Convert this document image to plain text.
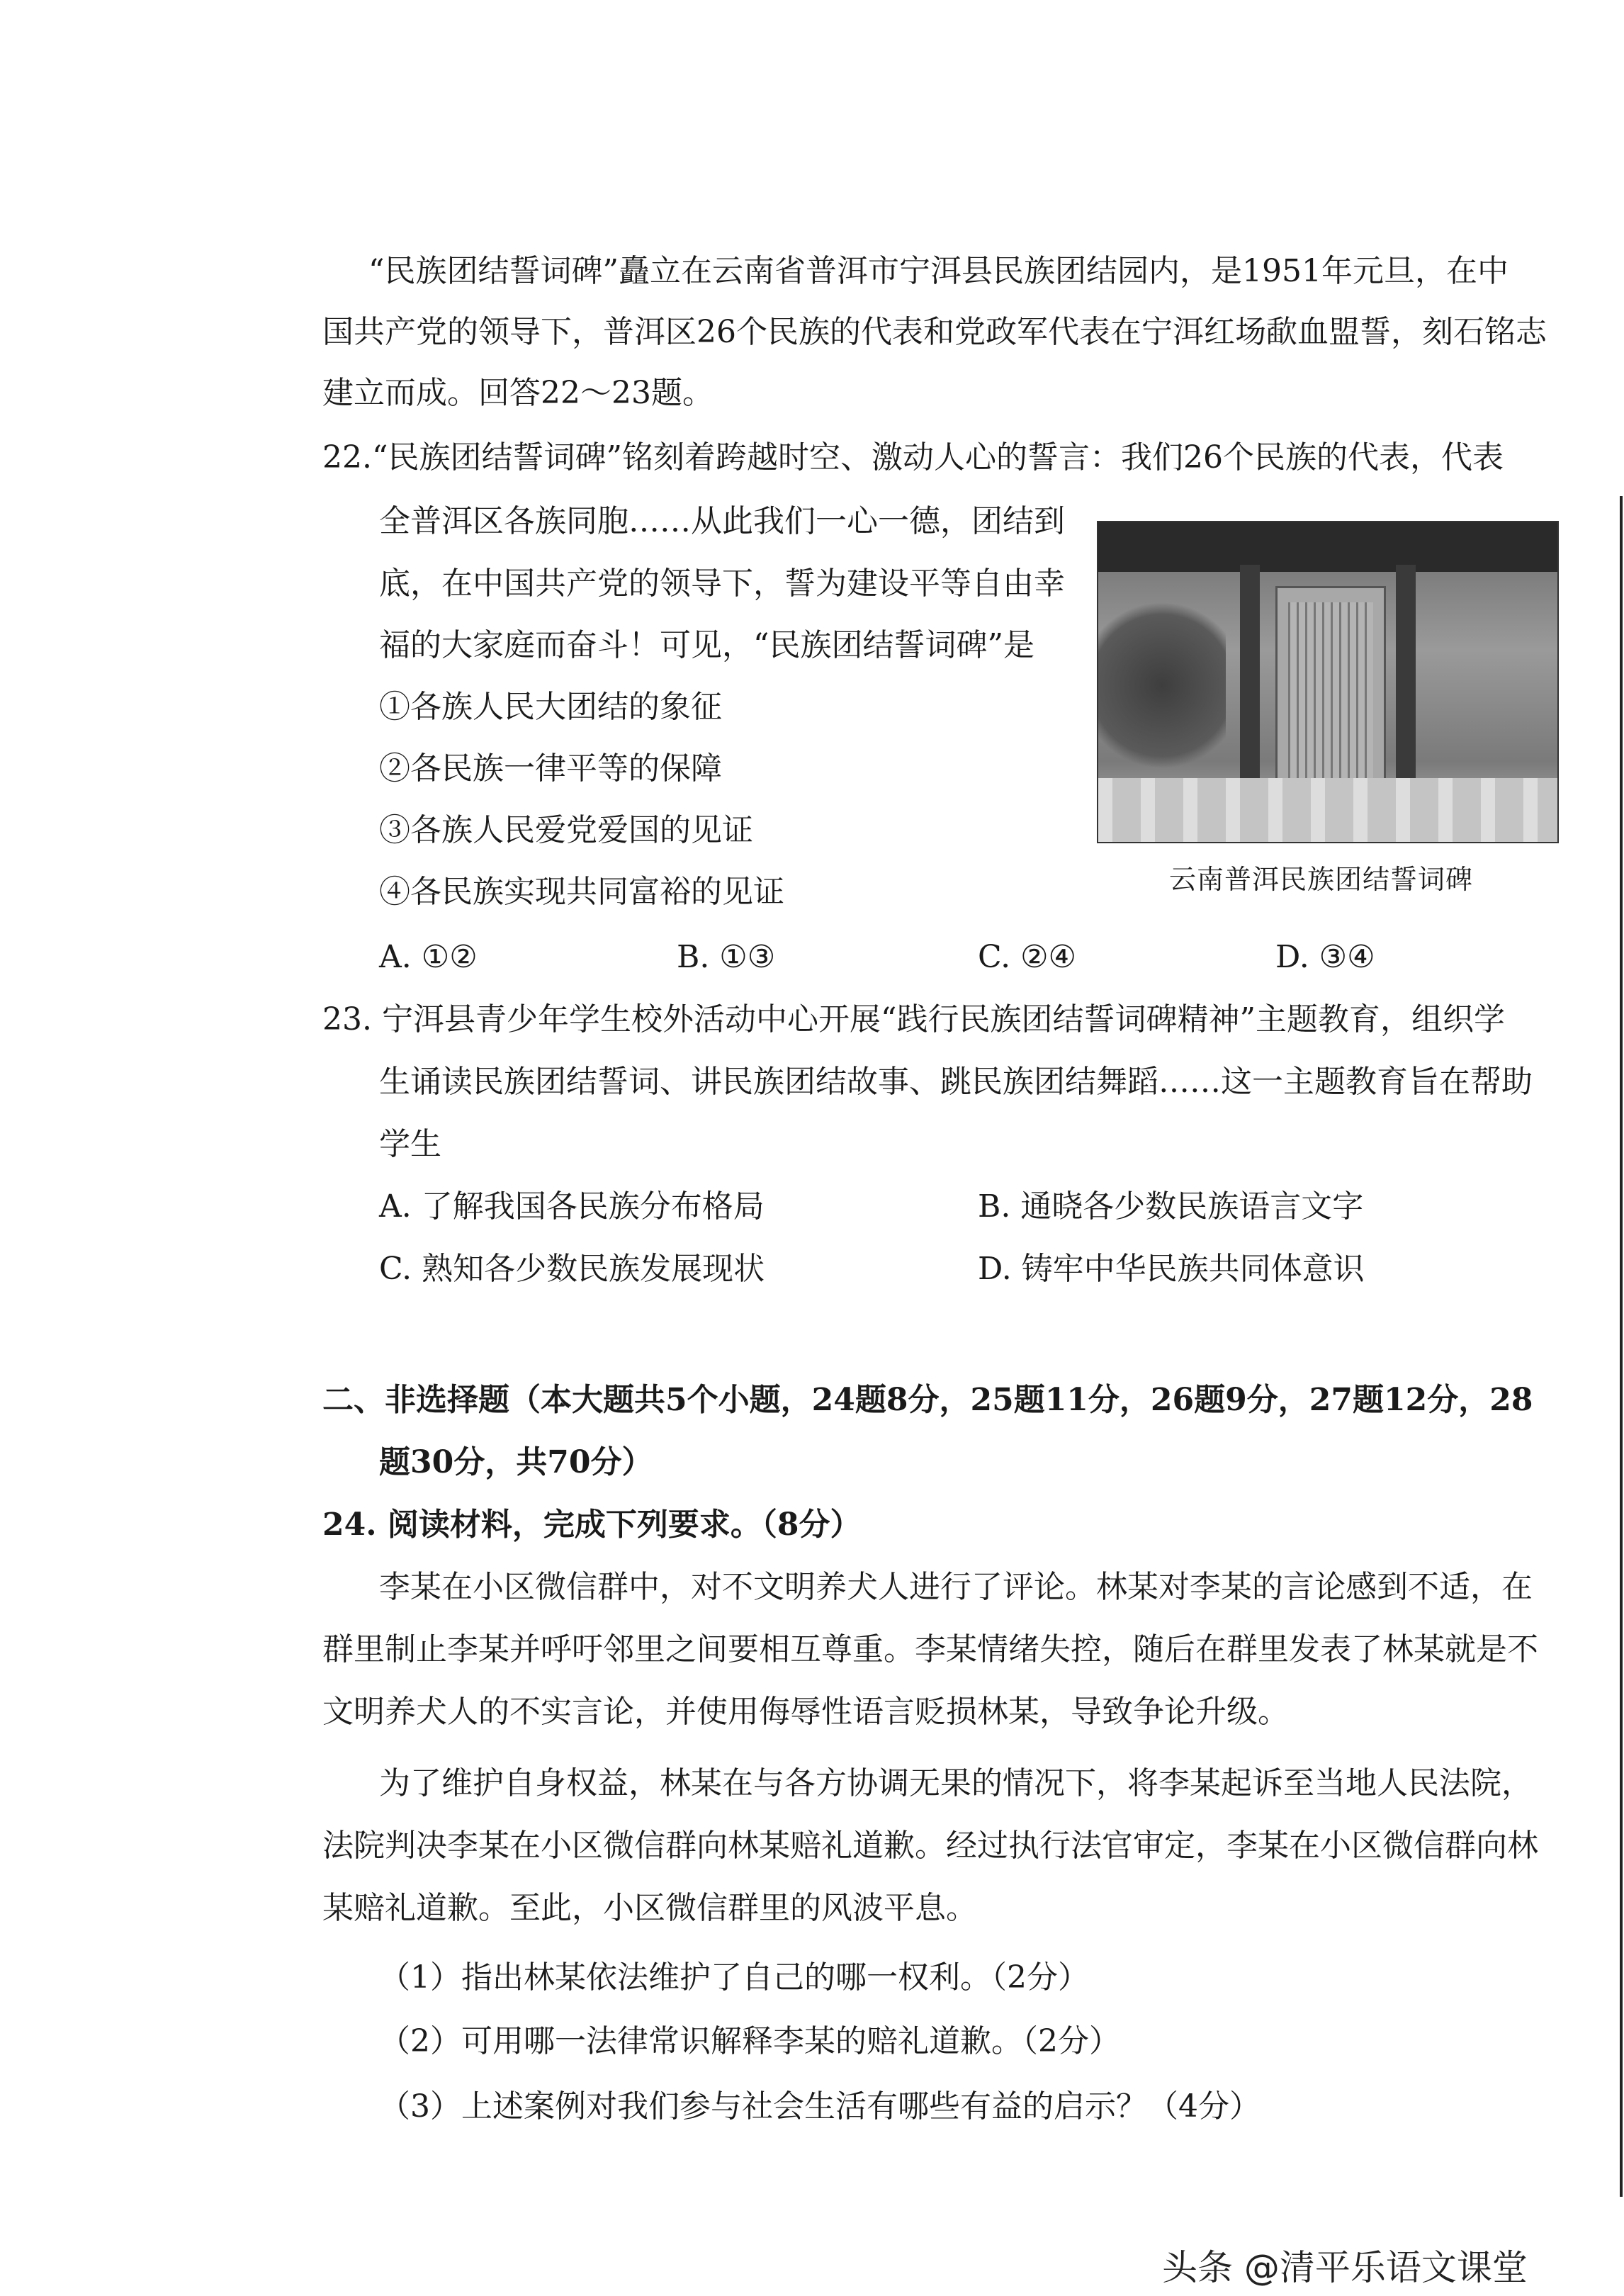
“民族团结誓词碑”矗立在云南省普洱市宁洱县民族团结园内，是1951年元旦，在中
国共产党的领导下，普洱区26个民族的代表和党政军代表在宁洱红场歃血盟誓，刻石铭志
建立而成。回答22～23题。
22.“民族团结誓词碑”铭刻着跨越时空、激动人心的誓言：我们26个民族的代表，代表
全普洱区各族同胞……从此我们一心一德，团结到
底，在中国共产党的领导下，誓为建设平等自由幸
福的大家庭而奋斗！可见，“民族团结誓词碑”是
①各族人民大团结的象征
②各民族一律平等的保障
③各族人民爱党爱国的见证
④各民族实现共同富裕的见证	云南普洱民族团结誓词碑
A. ①②	B. ①③	C. ②④	D. ③④
23. 宁洱县青少年学生校外活动中心开展“践行民族团结誓词碑精神”主题教育，组织学
生诵读民族团结誓词、讲民族团结故事、跳民族团结舞蹈……这一主题教育旨在帮助
学生
A. 了解我国各民族分布格局	B. 通晓各少数民族语言文字
C. 熟知各少数民族发展现状	D. 铸牢中华民族共同体意识
二、非选择题（本大题共5个小题，24题8分，25题11分，26题9分，27题12分，28
题30分，共70分）
24. 阅读材料，完成下列要求。（8分）
李某在小区微信群中，对不文明养犬人进行了评论。林某对李某的言论感到不适，在
群里制止李某并呼吁邻里之间要相互尊重。李某情绪失控，随后在群里发表了林某就是不
文明养犬人的不实言论，并使用侮辱性语言贬损林某，导致争论升级。
为了维护自身权益，林某在与各方协调无果的情况下，将李某起诉至当地人民法院，
法院判决李某在小区微信群向林某赔礼道歉。经过执行法官审定，李某在小区微信群向林
某赔礼道歉。至此，小区微信群里的风波平息。
（1）指出林某依法维护了自己的哪一权利。（2分）
（2）可用哪一法律常识解释李某的赔礼道歉。（2分）
（3）上述案例对我们参与社会生活有哪些有益的启示？（4分）
头条 @清平乐语文课堂
